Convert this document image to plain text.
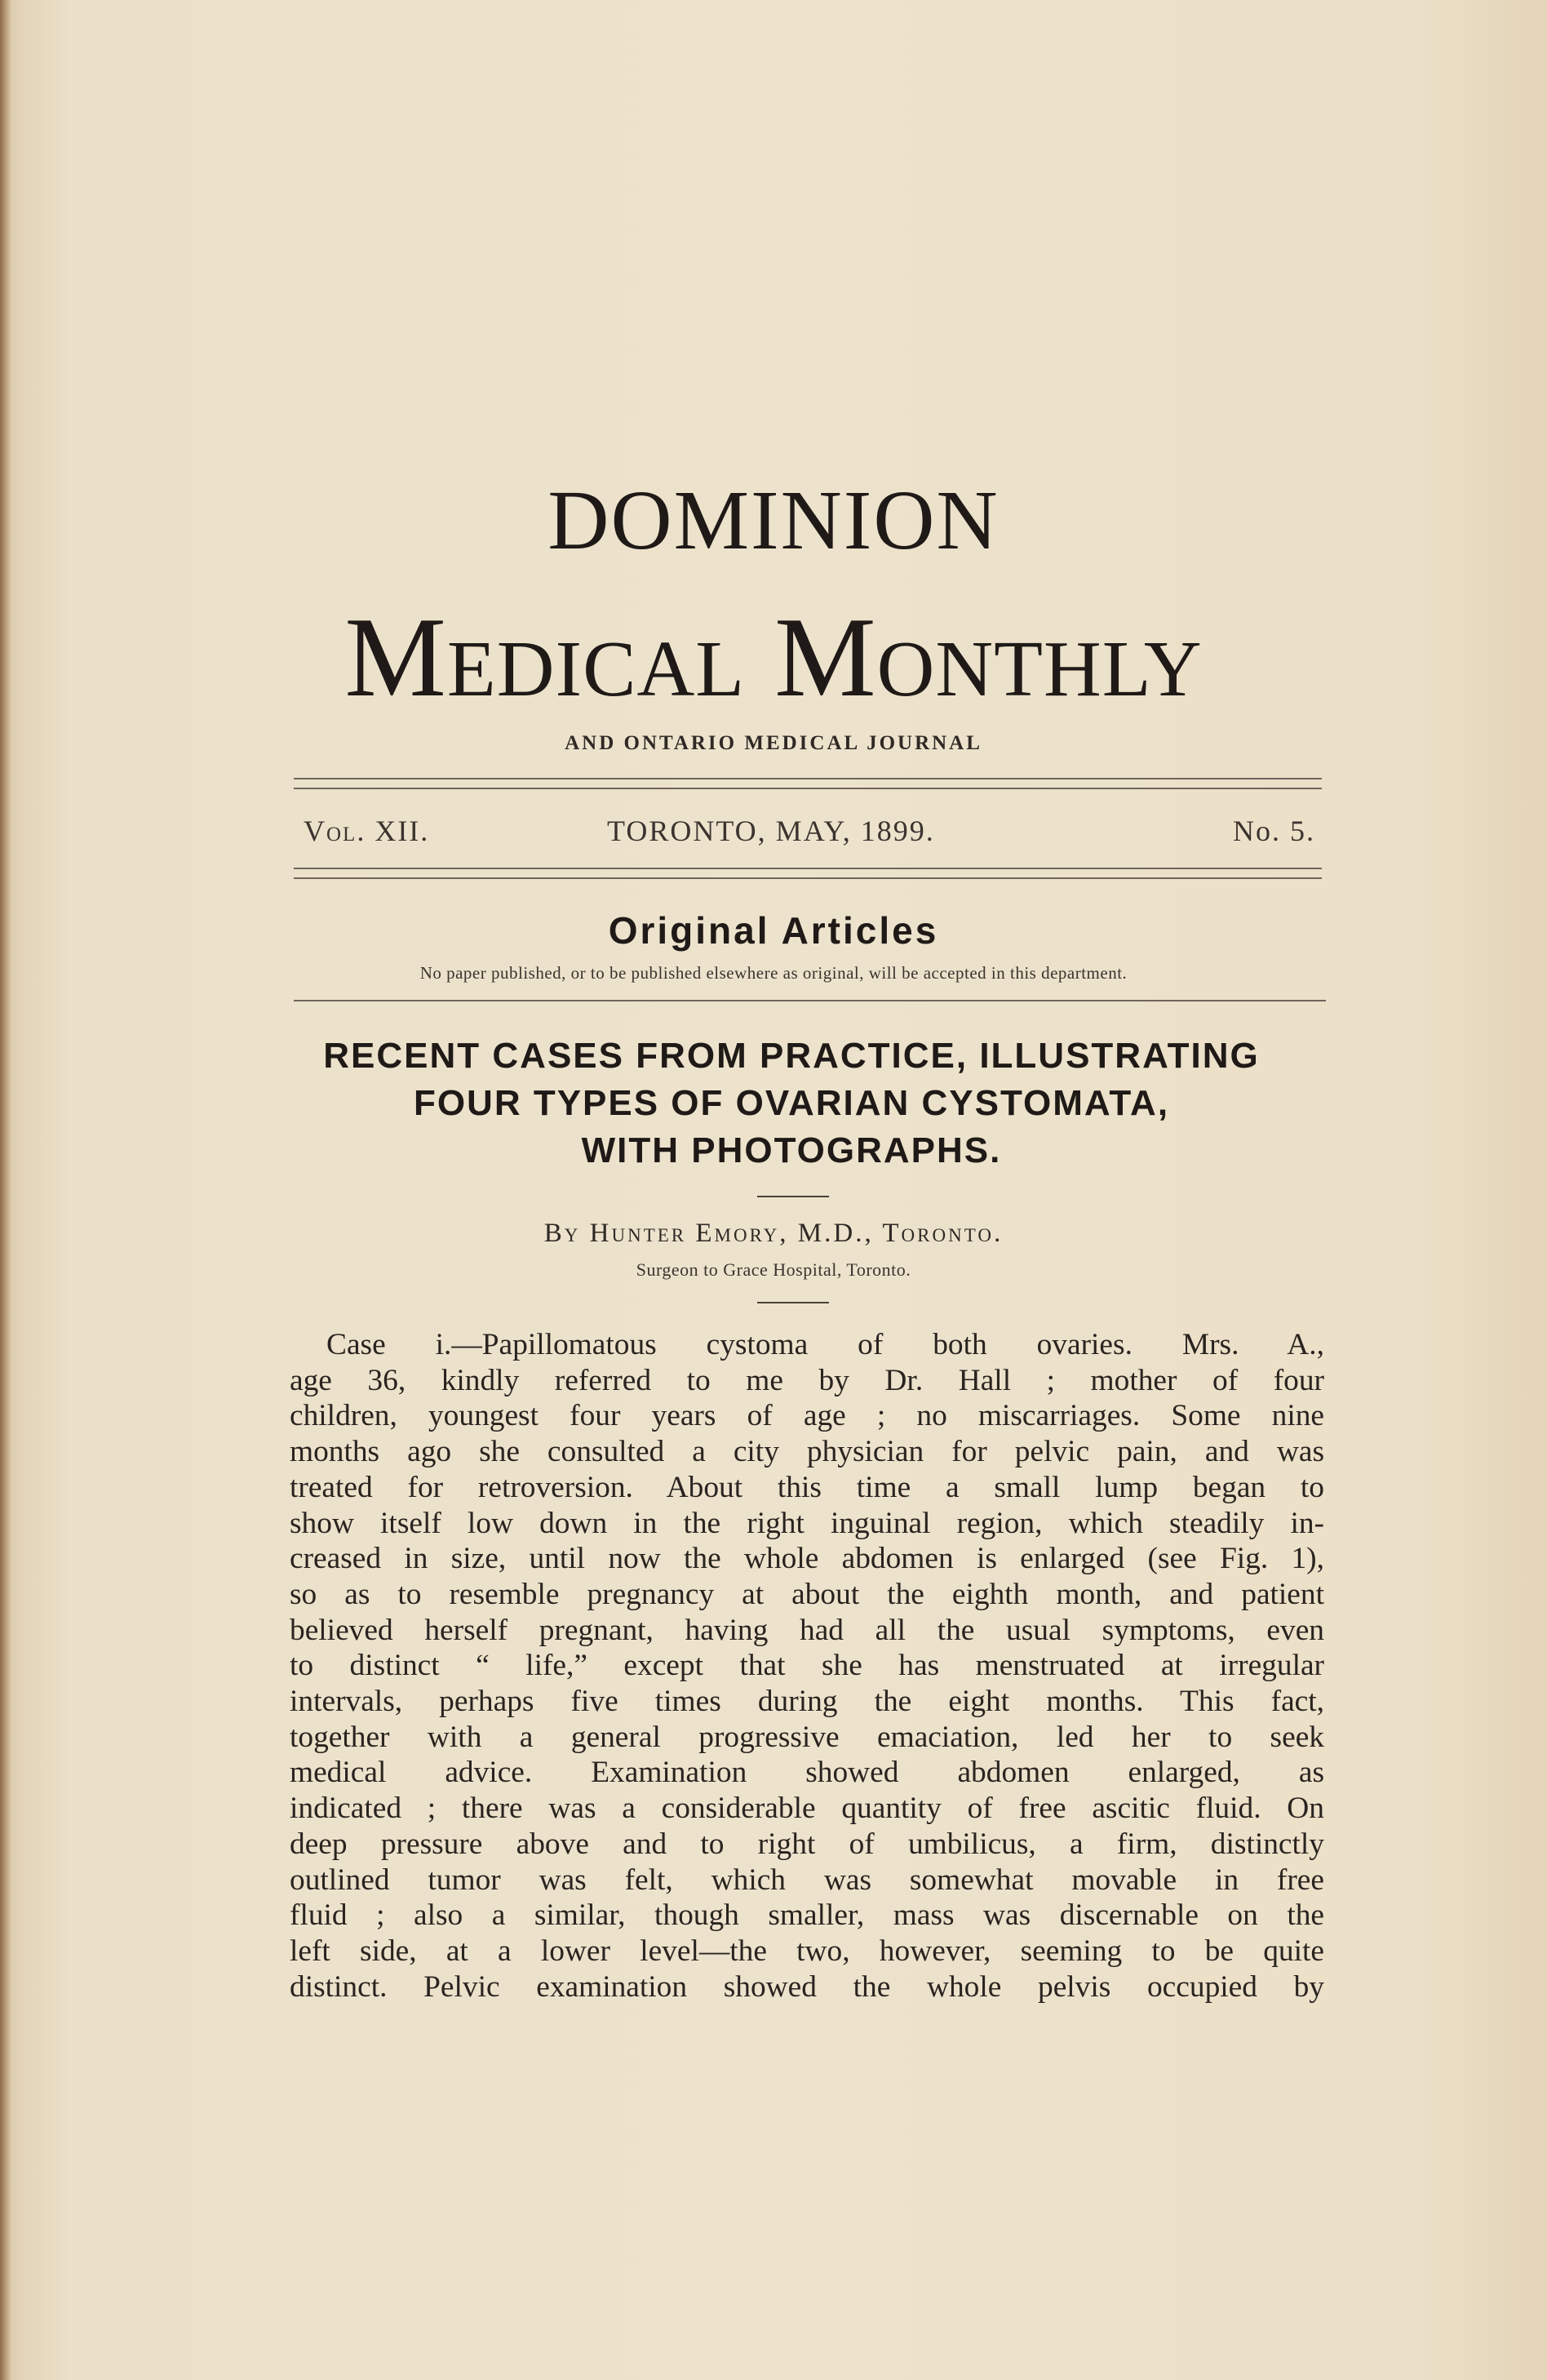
DOMINION
Medical Monthly
AND ONTARIO MEDICAL JOURNAL
Vol. XII.	TORONTO, MAY, 1899.	No. 5.
Original Articles
No paper published, or to be published elsewhere as original, will be accepted in this department.
RECENT CASES FROM PRACTICE, ILLUSTRATING
FOUR TYPES OF OVARIAN CYSTOMATA,
WITH PHOTOGRAPHS.
By Hunter Emory, M.D., Toronto.
Surgeon to Grace Hospital, Toronto.
Case i.—Papillomatous cystoma of both ovaries. Mrs. A.,
age 36, kindly referred to me by Dr. Hall ; mother of four
children, youngest four years of age ; no miscarriages. Some nine
months ago she consulted a city physician for pelvic pain, and was
treated for retroversion. About this time a small lump began to
show itself low down in the right inguinal region, which steadily in-
creased in size, until now the whole abdomen is enlarged (see Fig. 1),
so as to resemble pregnancy at about the eighth month, and patient
believed herself pregnant, having had all the usual symptoms, even
to distinct “ life,” except that she has menstruated at irregular
intervals, perhaps five times during the eight months. This fact,
together with a general progressive emaciation, led her to seek
medical advice. Examination showed abdomen enlarged, as
indicated ; there was a considerable quantity of free ascitic fluid. On
deep pressure above and to right of umbilicus, a firm, distinctly
outlined tumor was felt, which was somewhat movable in free
fluid ; also a similar, though smaller, mass was discernable on the
left side, at a lower level—the two, however, seeming to be quite
distinct. Pelvic examination showed the whole pelvis occupied by
